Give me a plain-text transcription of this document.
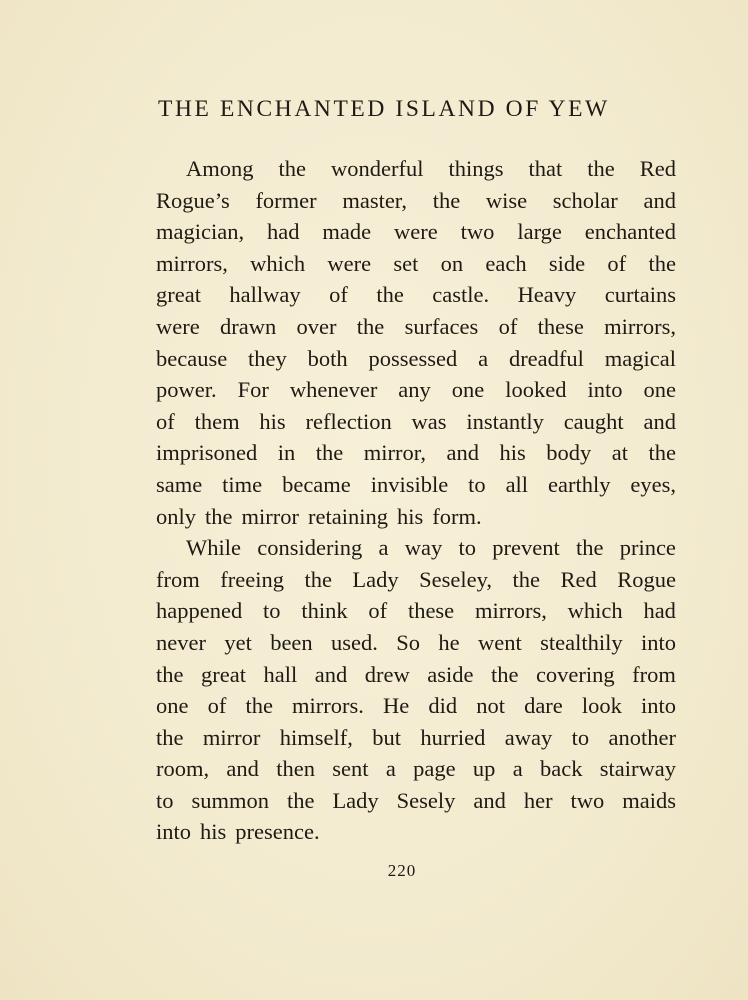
THE ENCHANTED ISLAND OF YEW
Among the wonderful things that the Red
Rogue’s former master, the wise scholar and
magician, had made were two large enchanted
mirrors, which were set on each side of the
great hallway of the castle. Heavy curtains
were drawn over the surfaces of these mirrors,
because they both possessed a dreadful magical
power. For whenever any one looked into one
of them his reflection was instantly caught and
imprisoned in the mirror, and his body at the
same time became invisible to all earthly eyes,
only the mirror retaining his form.
While considering a way to prevent the prince
from freeing the Lady Seseley, the Red Rogue
happened to think of these mirrors, which had
never yet been used. So he went stealthily into
the great hall and drew aside the covering from
one of the mirrors. He did not dare look into
the mirror himself, but hurried away to another
room, and then sent a page up a back stairway
to summon the Lady Sesely and her two maids
into his presence.
220
